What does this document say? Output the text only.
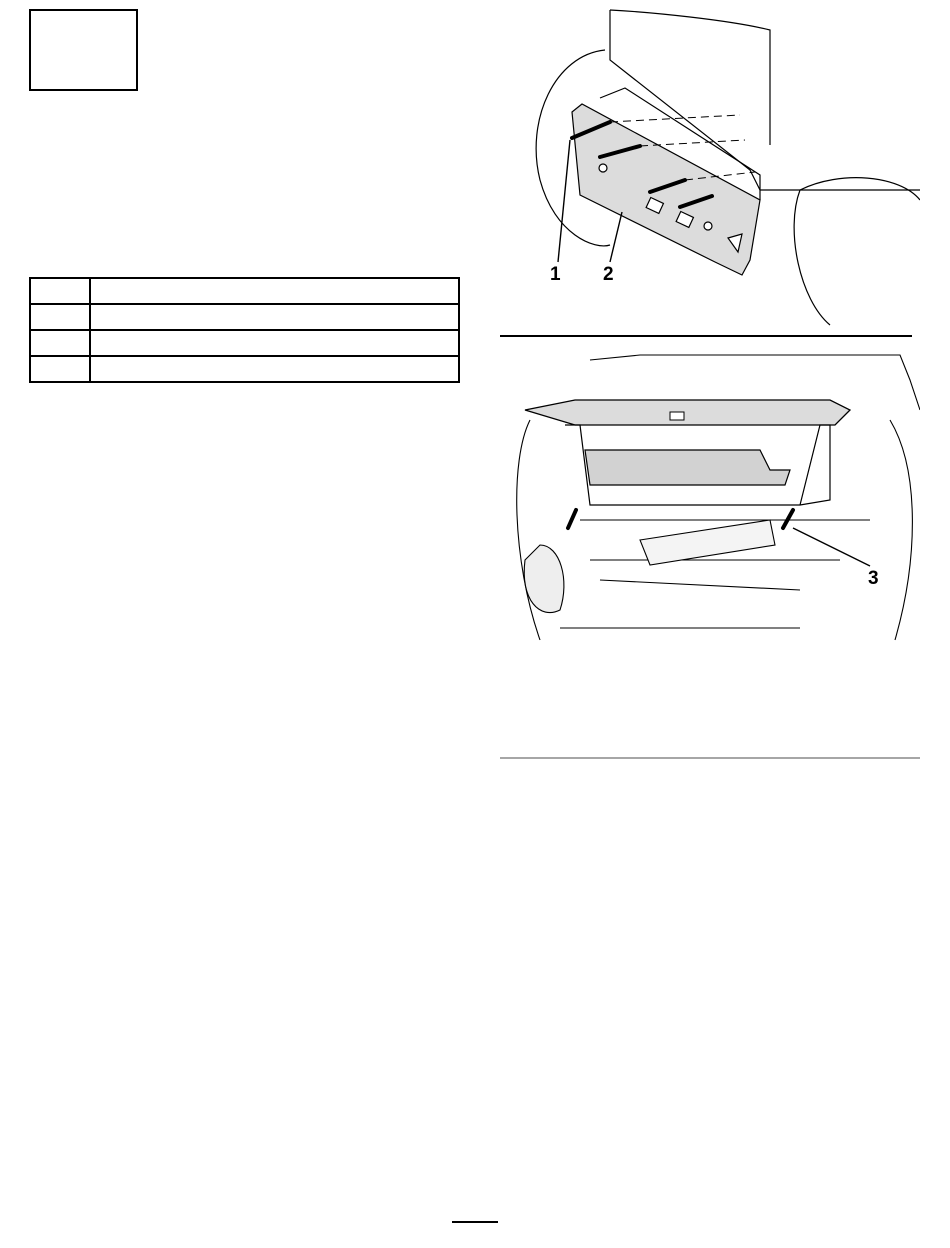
1 2
3
